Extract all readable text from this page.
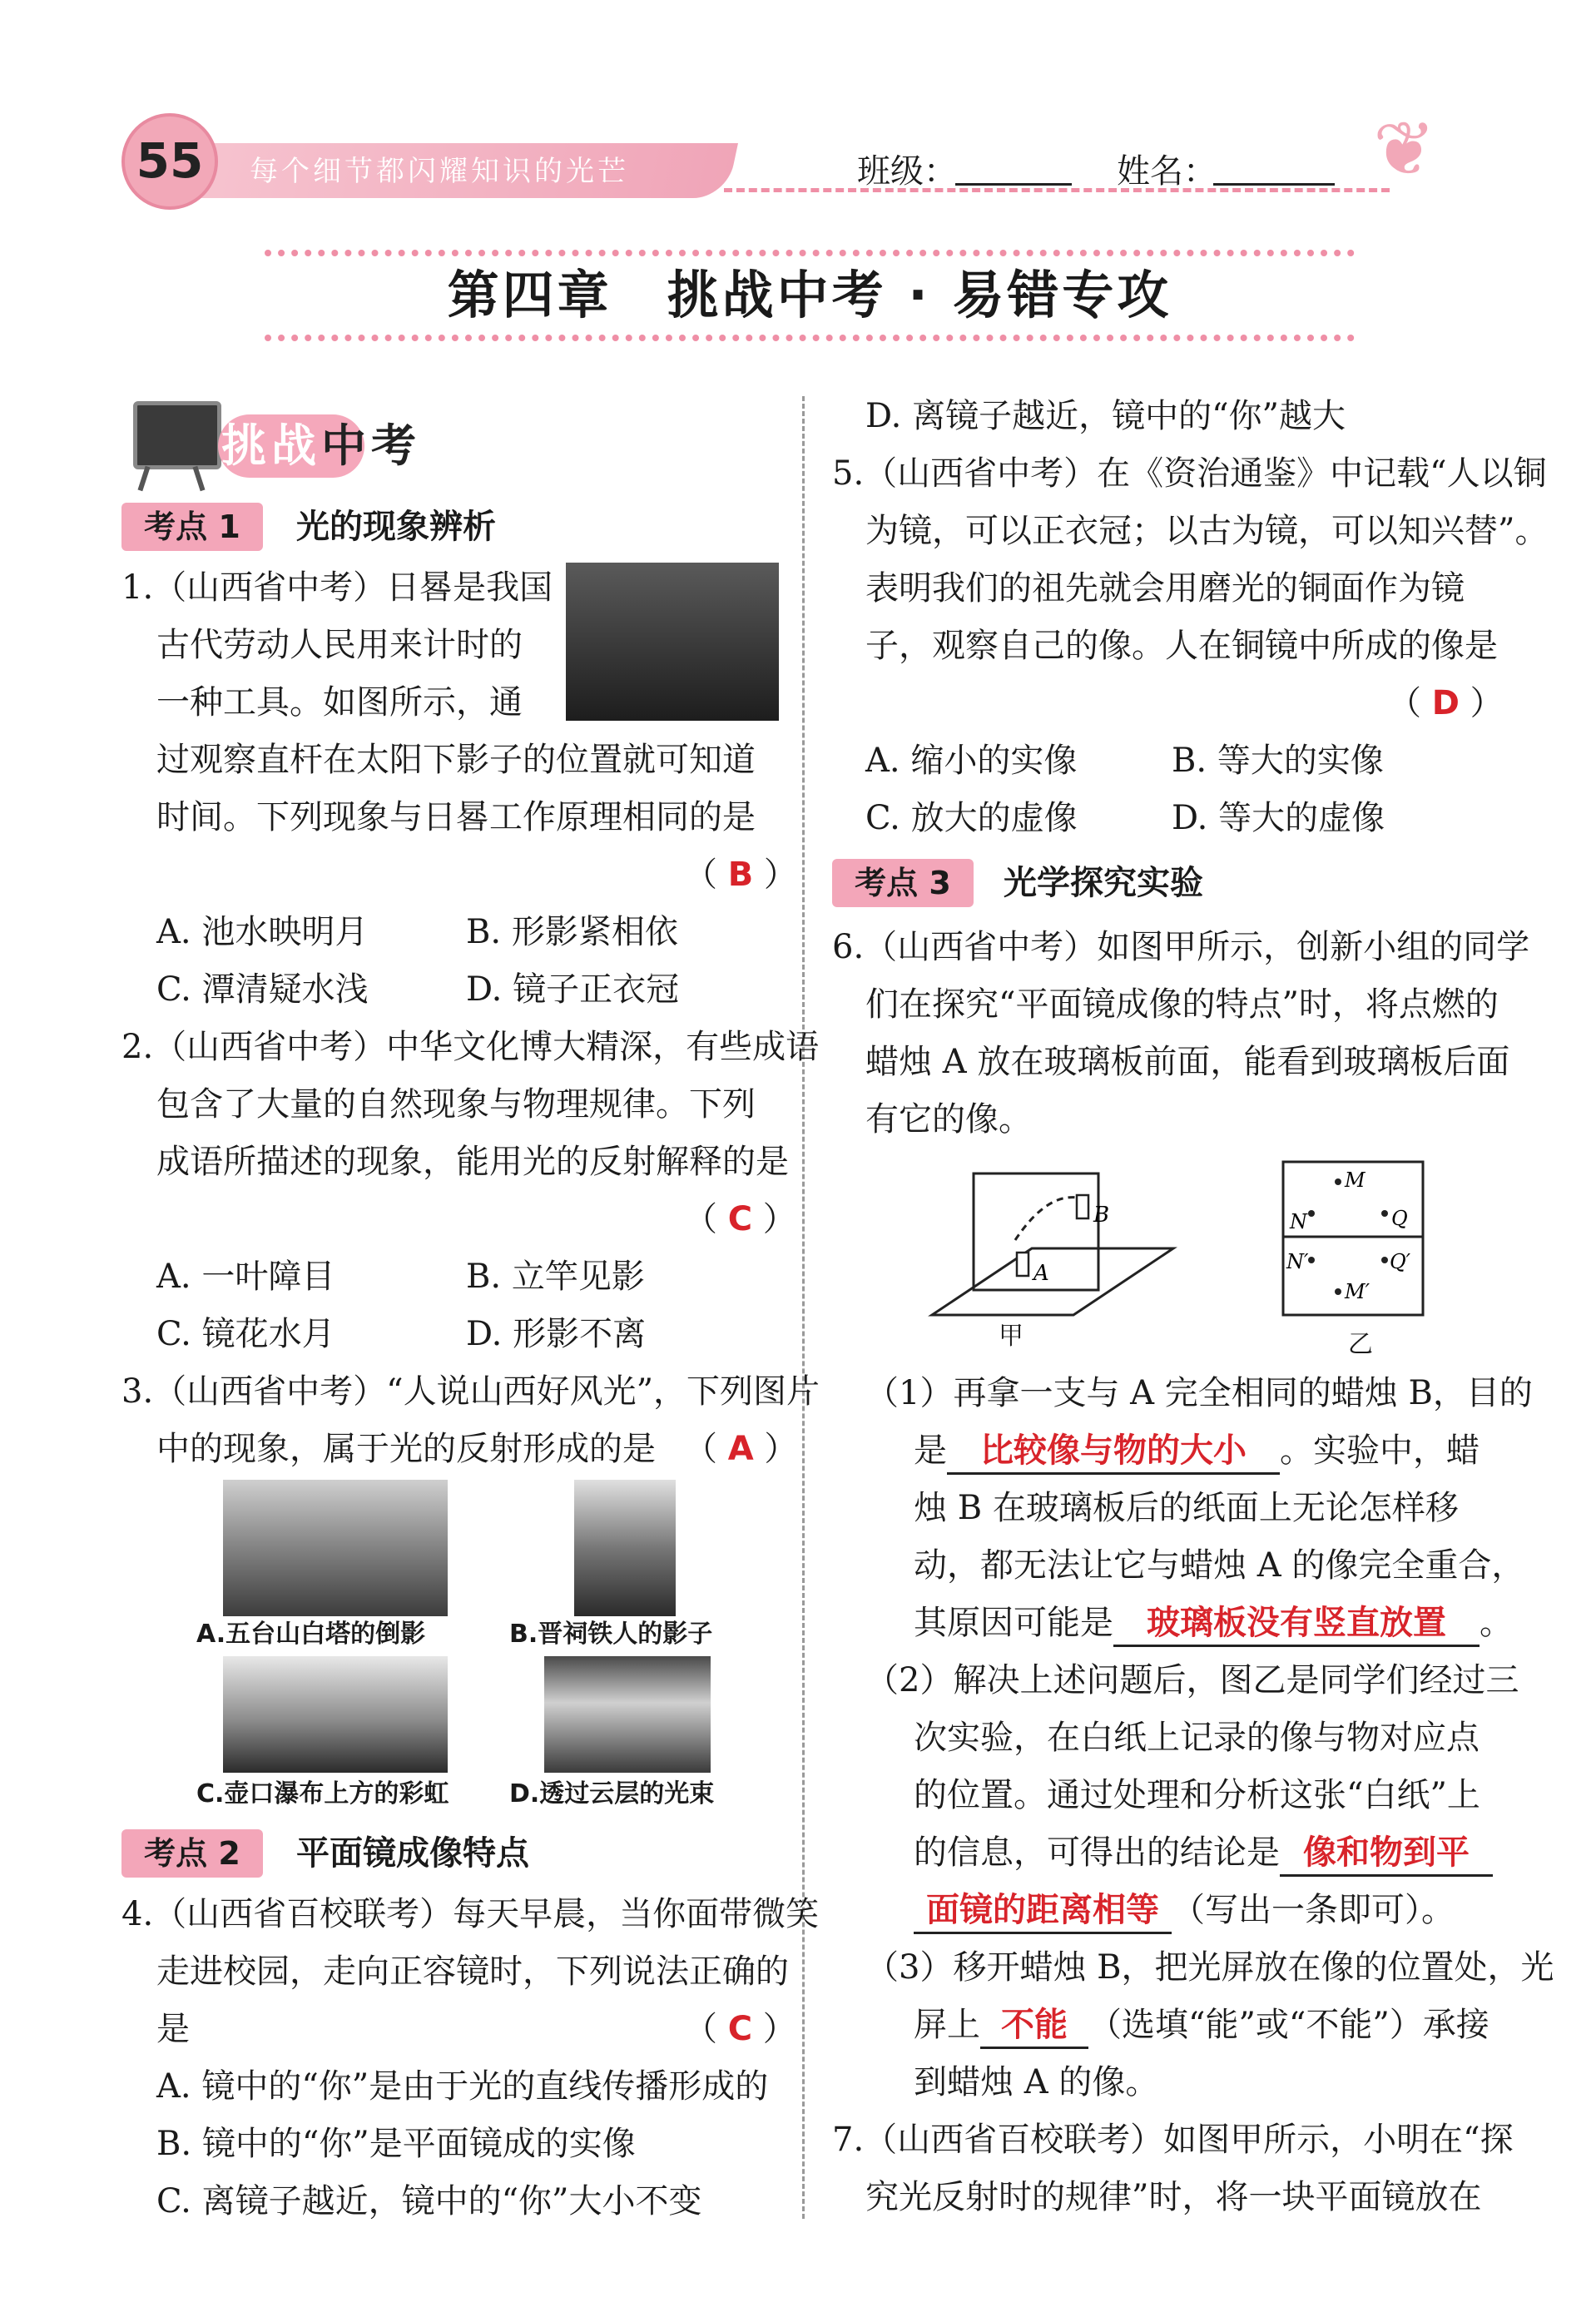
❦
每个细节都闪耀知识的光芒
55	班级：	姓名：
第四章　挑战中考 · 易错专攻
挑战中考
考点 1	光的现象辨析
1.（山西省中考）日晷是我国
古代劳动人民用来计时的
一种工具。如图所示，通
过观察直杆在太阳下影子的位置就可知道
时间。下列现象与日晷工作原理相同的是
（ B ）
A. 池水映明月	B. 形影紧相依
C. 潭清疑水浅	D. 镜子正衣冠
2.（山西省中考）中华文化博大精深，有些成语
包含了大量的自然现象与物理规律。下列
成语所描述的现象，能用光的反射解释的是
（ C ）
A. 一叶障目	B. 立竿见影
C. 镜花水月	D. 形影不离
3.（山西省中考）“人说山西好风光”，下列图片
中的现象，属于光的反射形成的是 （ A ）
A.五台山白塔的倒影	B.晋祠铁人的影子
C.壶口瀑布上方的彩虹 D.透过云层的光束
考点 2	平面镜成像特点
4.（山西省百校联考）每天早晨，当你面带微笑
走进校园，走向正容镜时，下列说法正确的
是	（ C ）
A. 镜中的“你”是由于光的直线传播形成的
B. 镜中的“你”是平面镜成的实像
C. 离镜子越近，镜中的“你”大小不变
D. 离镜子越近，镜中的“你”越大
5.（山西省中考）在《资治通鉴》中记载“人以铜
为镜，可以正衣冠；以古为镜，可以知兴替”。
表明我们的祖先就会用磨光的铜面作为镜
子，观察自己的像。人在铜镜中所成的像是
（ D ）
A. 缩小的实像	B. 等大的实像
C. 放大的虚像	D. 等大的虚像
考点 3	光学探究实验
6.（山西省中考）如图甲所示，创新小组的同学
们在探究“平面镜成像的特点”时，将点燃的
蜡烛 A 放在玻璃板前面，能看到玻璃板后面
有它的像。
A
B
甲
M
N	Q
N′	Q′
M′
乙
（1）再拿一支与 A 完全相同的蜡烛 B，目的
是 比较像与物的大小 。实验中，蜡
烛 B 在玻璃板后的纸面上无论怎样移
动，都无法让它与蜡烛 A 的像完全重合，
其原因可能是 玻璃板没有竖直放置 。
（2）解决上述问题后，图乙是同学们经过三
次实验，在白纸上记录的像与物对应点
的位置。通过处理和分析这张“白纸”上
的信息，可得出的结论是 像和物到平
面镜的距离相等 （写出一条即可）。
（3）移开蜡烛 B，把光屏放在像的位置处，光
屏上 不能 （选填“能”或“不能”）承接
到蜡烛 A 的像。
7.（山西省百校联考）如图甲所示，小明在“探
究光反射时的规律”时，将一块平面镜放在
